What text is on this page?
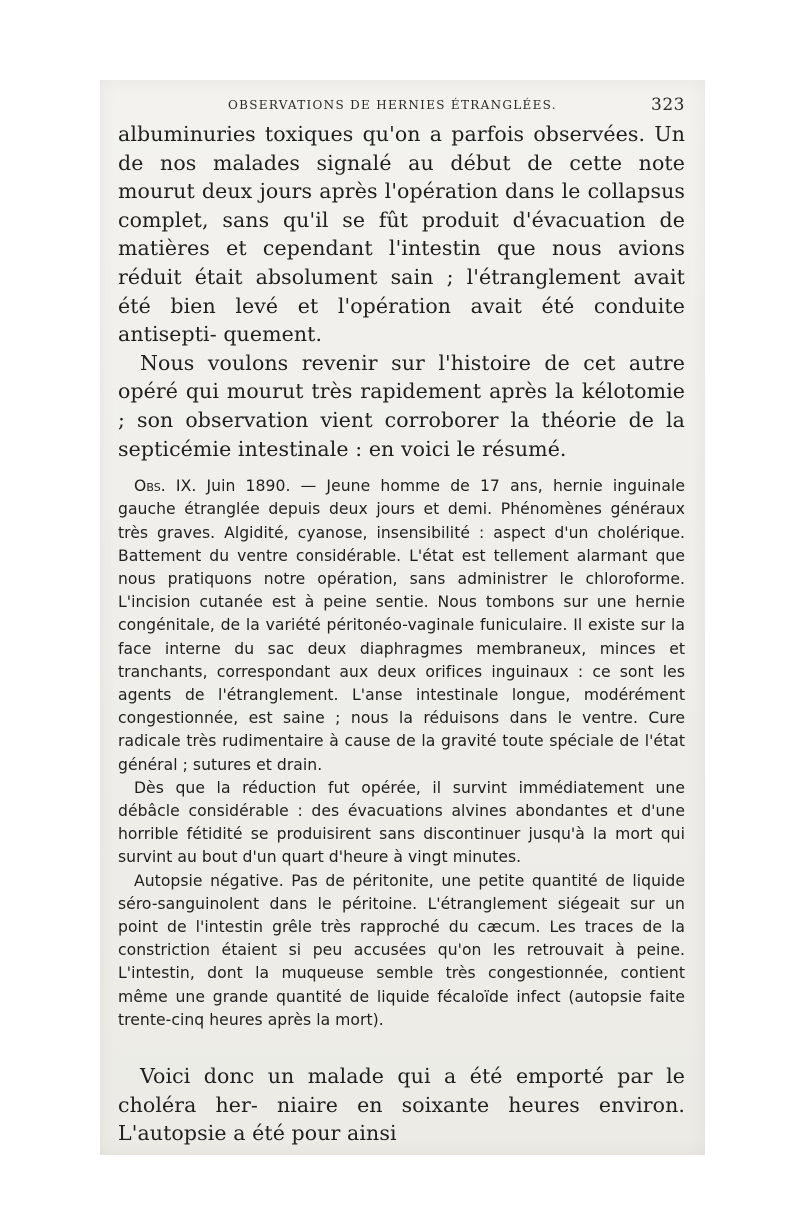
OBSERVATIONS DE HERNIES ÉTRANGLÉES.	323

albuminuries toxiques qu'on a parfois observées. Un de nos malades signalé au début de cette note mourut deux jours après l'opération dans le collapsus complet, sans qu'il se fût produit d'évacuation de matières et cependant l'intestin que nous avions réduit était absolument sain ; l'étranglement avait été bien levé et l'opération avait été conduite antisepti- quement.

Nous voulons revenir sur l'histoire de cet autre opéré qui mourut très rapidement après la kélotomie ; son observation vient corroborer la théorie de la septicémie intestinale : en voici le résumé.

Obs. IX. Juin 1890. — Jeune homme de 17 ans, hernie inguinale gauche étranglée depuis deux jours et demi. Phénomènes généraux très graves. Algidité, cyanose, insensibilité : aspect d'un cholérique. Battement du ventre considérable. L'état est tellement alarmant que nous pratiquons notre opération, sans administrer le chloroforme. L'incision cutanée est à peine sentie. Nous tombons sur une hernie congénitale, de la variété péritonéo-vaginale funiculaire. Il existe sur la face interne du sac deux diaphragmes membraneux, minces et tranchants, correspondant aux deux orifices inguinaux : ce sont les agents de l'étranglement. L'anse intestinale longue, modérément congestionnée, est saine ; nous la réduisons dans le ventre. Cure radicale très rudimentaire à cause de la gravité toute spéciale de l'état général ; sutures et drain.

Dès que la réduction fut opérée, il survint immédiatement une débâcle considérable : des évacuations alvines abondantes et d'une horrible fétidité se produisirent sans discontinuer jusqu'à la mort qui survint au bout d'un quart d'heure à vingt minutes.

Autopsie négative. Pas de péritonite, une petite quantité de liquide séro-sanguinolent dans le péritoine. L'étranglement siégeait sur un point de l'intestin grêle très rapproché du cæcum. Les traces de la constriction étaient si peu accusées qu'on les retrouvait à peine. L'intestin, dont la muqueuse semble très congestionnée, contient même une grande quantité de liquide fécaloïde infect (autopsie faite trente-cinq heures après la mort).

Voici donc un malade qui a été emporté par le choléra her- niaire en soixante heures environ. L'autopsie a été pour ainsi
